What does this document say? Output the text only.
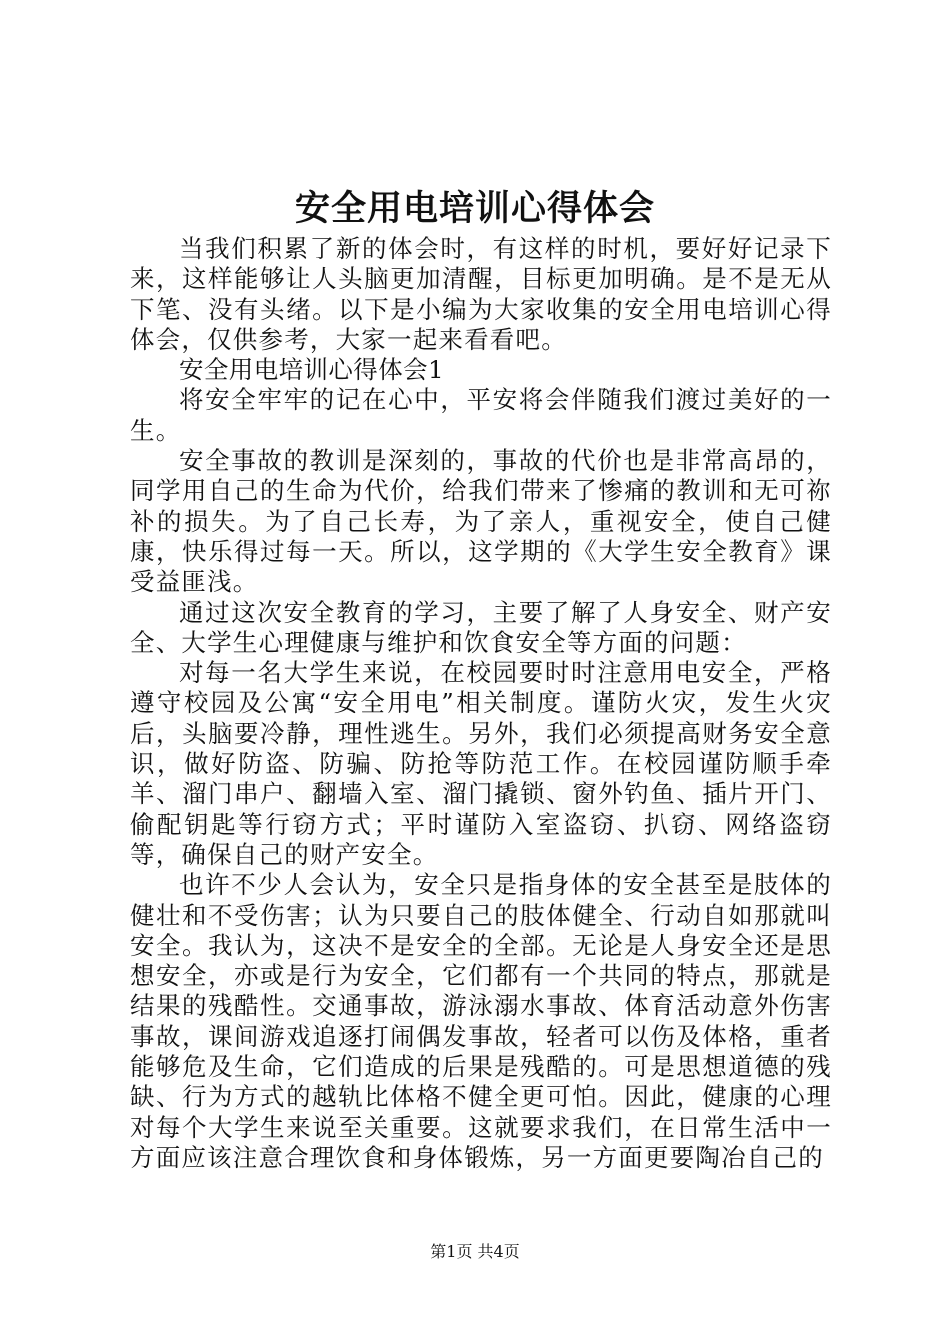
安全用电培训心得体会

当我们积累了新的体会时，有这样的时机，要好好记录下来，这样能够让人头脑更加清醒，目标更加明确。是不是无从下笔、没有头绪。以下是小编为大家收集的安全用电培训心得体会，仅供参考，大家一起来看看吧。

安全用电培训心得体会1

将安全牢牢的记在心中，平安将会伴随我们渡过美好的一生。

安全事故的教训是深刻的，事故的代价也是非常高昂的，同学用自己的生命为代价，给我们带来了惨痛的教训和无可祢补的损失。为了自己长寿，为了亲人，重视安全，使自己健康，快乐得过每一天。所以，这学期的《大学生安全教育》课受益匪浅。

通过这次安全教育的学习，主要了解了人身安全、财产安全、大学生心理健康与维护和饮食安全等方面的问题：

对每一名大学生来说，在校园要时时注意用电安全，严格遵守校园及公寓“安全用电”相关制度。谨防火灾，发生火灾后，头脑要冷静，理性逃生。另外，我们必须提高财务安全意识，做好防盗、防骗、防抢等防范工作。在校园谨防顺手牵羊、溜门串户、翻墙入室、溜门撬锁、窗外钓鱼、插片开门、偷配钥匙等行窃方式；平时谨防入室盗窃、扒窃、网络盗窃等，确保自己的财产安全。

也许不少人会认为，安全只是指身体的安全甚至是肢体的健壮和不受伤害；认为只要自己的肢体健全、行动自如那就叫安全。我认为，这决不是安全的全部。无论是人身安全还是思想安全，亦或是行为安全，它们都有一个共同的特点，那就是结果的残酷性。交通事故，游泳溺水事故、体育活动意外伤害事故，课间游戏追逐打闹偶发事故，轻者可以伤及体格，重者能够危及生命，它们造成的后果是残酷的。可是思想道德的残缺、行为方式的越轨比体格不健全更可怕。因此，健康的心理对每个大学生来说至关重要。这就要求我们，在日常生活中一方面应该注意合理饮食和身体锻炼，另一方面更要陶冶自己的

第1页 共4页
